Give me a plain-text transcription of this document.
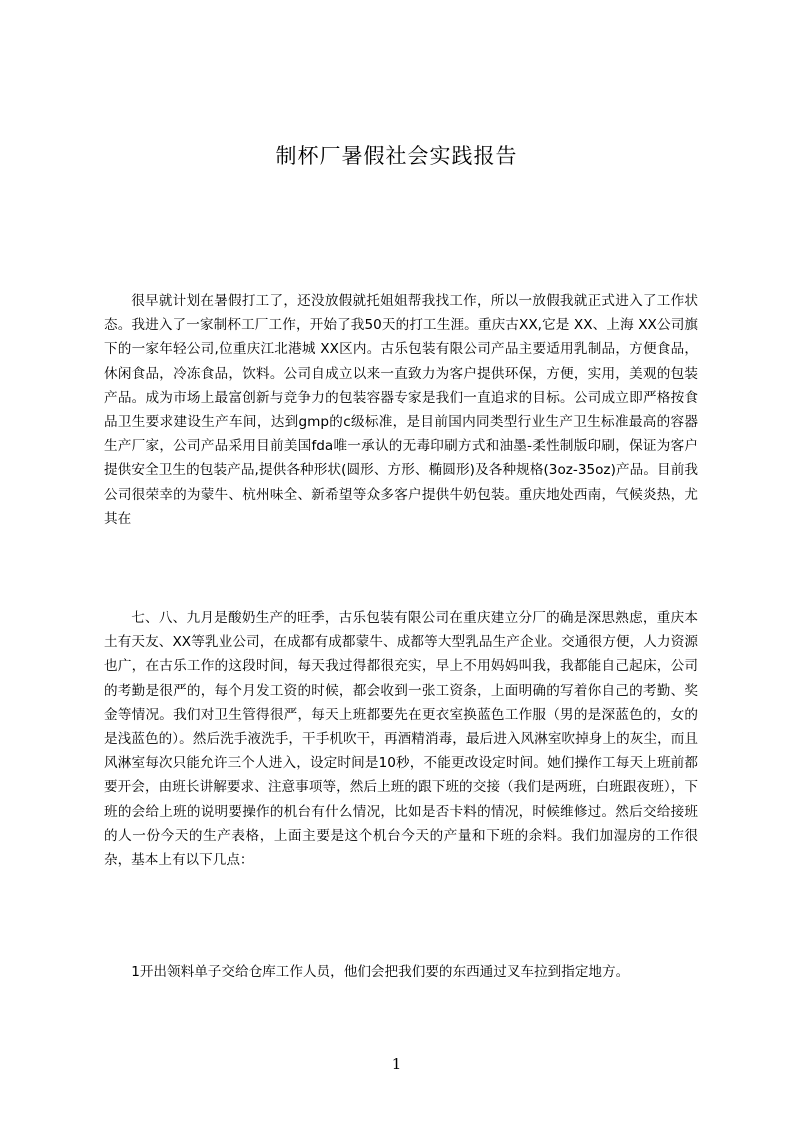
制杯厂暑假社会实践报告

很早就计划在暑假打工了，还没放假就托姐姐帮我找工作，所以一放假我就正式进入了工作状态。我进入了一家制杯工厂工作，开始了我50天的打工生涯。重庆古XX,它是 XX、上海 XX公司旗下的一家年轻公司,位重庆江北港城 XX区内。古乐包装有限公司产品主要适用乳制品，方便食品，休闲食品，冷冻食品，饮料。公司自成立以来一直致力为客户提供环保，方便，实用，美观的包装产品。成为市场上最富创新与竞争力的包装容器专家是我们一直追求的目标。公司成立即严格按食品卫生要求建设生产车间，达到gmp的c级标准，是目前国内同类型行业生产卫生标准最高的容器生产厂家，公司产品采用目前美国fda唯一承认的无毒印刷方式和油墨-柔性制版印刷，保证为客户提供安全卫生的包装产品,提供各种形状(圆形、方形、椭圆形)及各种规格(3oz-35oz)产品。目前我公司很荣幸的为蒙牛、杭州味全、新希望等众多客户提供牛奶包装。重庆地处西南，气候炎热，尤其在

七、八、九月是酸奶生产的旺季，古乐包装有限公司在重庆建立分厂的确是深思熟虑，重庆本土有天友、XX等乳业公司，在成都有成都蒙牛、成都等大型乳品生产企业。交通很方便，人力资源也广，在古乐工作的这段时间，每天我过得都很充实，早上不用妈妈叫我，我都能自己起床，公司的考勤是很严的，每个月发工资的时候，都会收到一张工资条，上面明确的写着你自己的考勤、奖金等情况。我们对卫生管得很严，每天上班都要先在更衣室换蓝色工作服（男的是深蓝色的，女的是浅蓝色的）。然后洗手液洗手，干手机吹干，再酒精消毒，最后进入风淋室吹掉身上的灰尘，而且风淋室每次只能允许三个人进入，设定时间是10秒，不能更改设定时间。她们操作工每天上班前都要开会，由班长讲解要求、注意事项等，然后上班的跟下班的交接（我们是两班，白班跟夜班），下班的会给上班的说明要操作的机台有什么情况，比如是否卡料的情况，时候维修过。然后交给接班的人一份今天的生产表格，上面主要是这个机台今天的产量和下班的余料。我们加湿房的工作很杂，基本上有以下几点：

1开出领料单子交给仓库工作人员，他们会把我们要的东西通过叉车拉到指定地方。

1
